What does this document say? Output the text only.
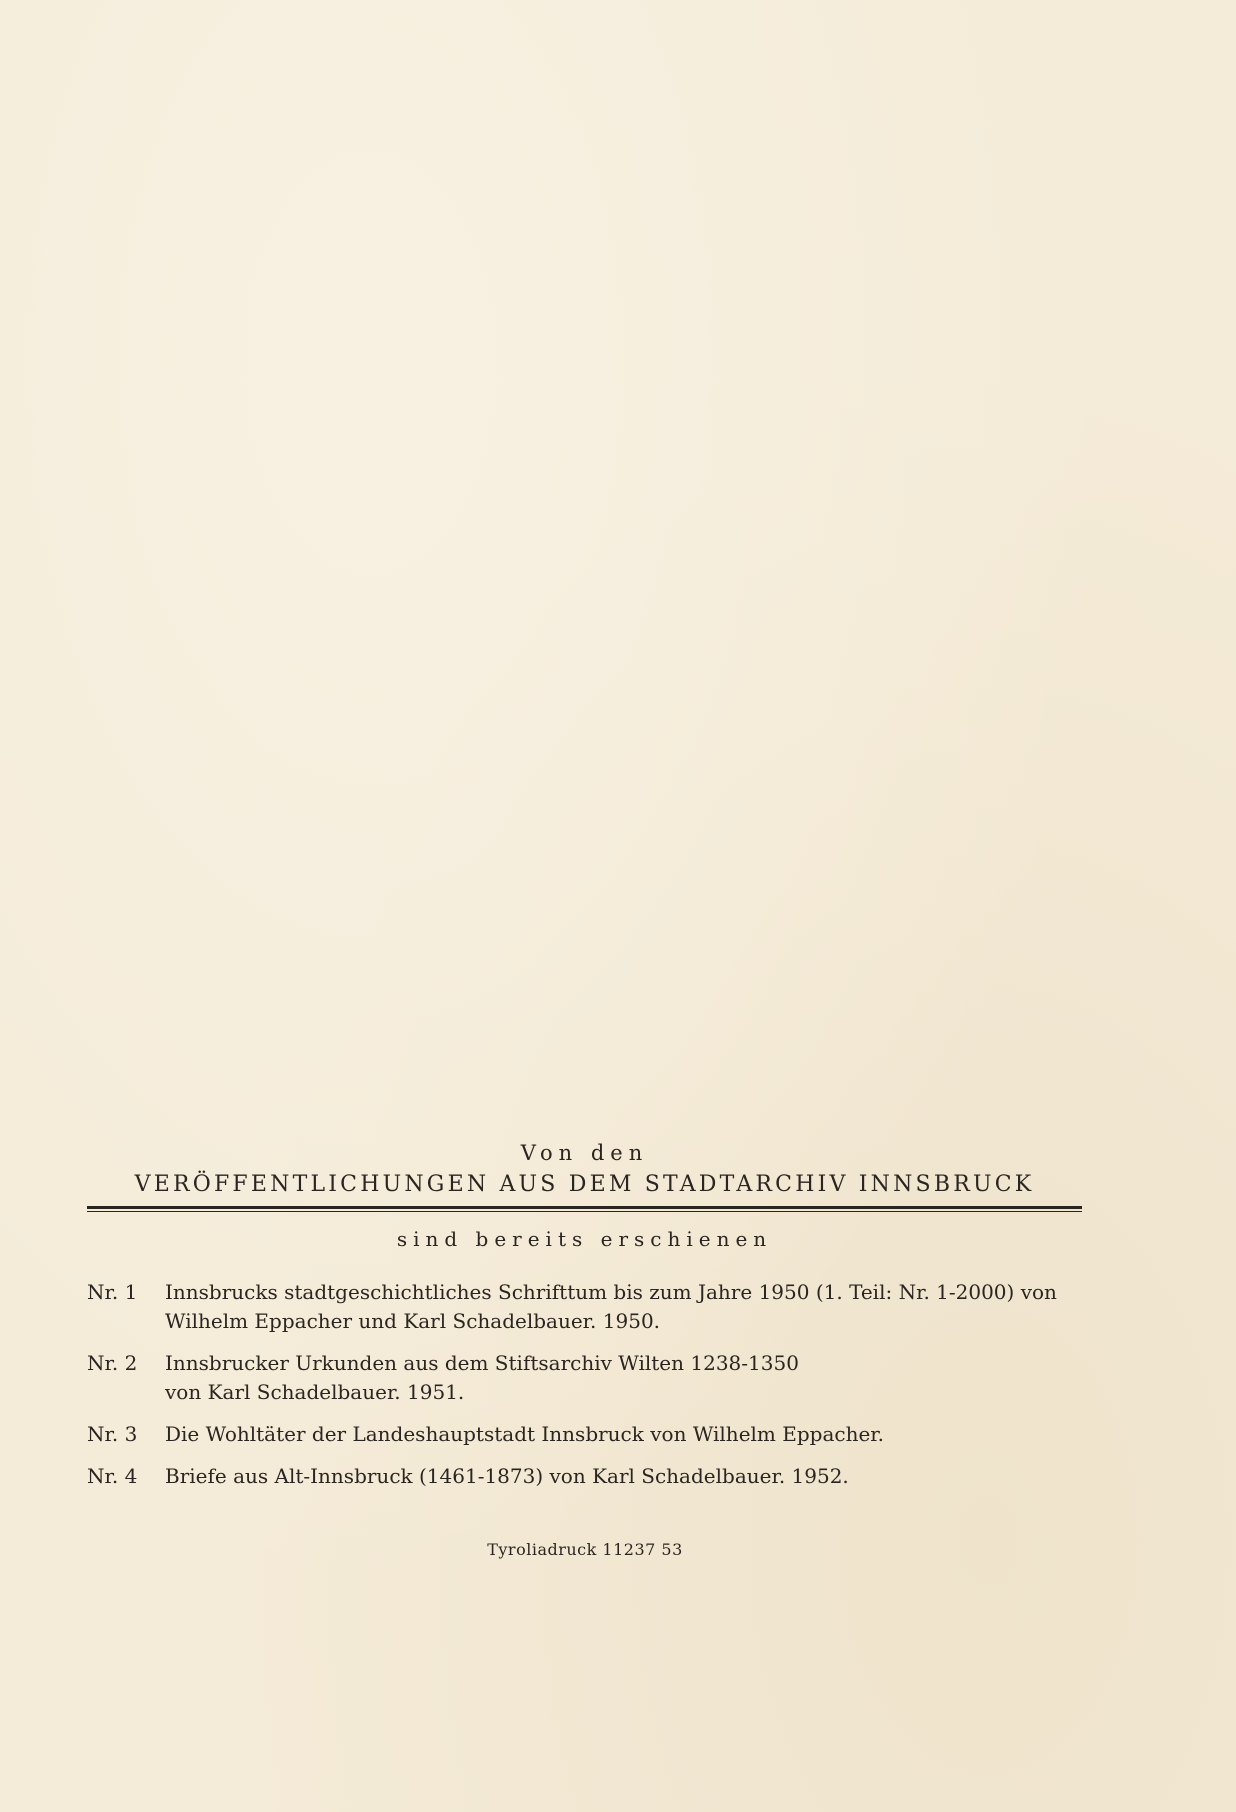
Von den

VERÖFFENTLICHUNGEN AUS DEM STADTARCHIV INNSBRUCK

sind bereits erschienen

Nr. 1	Innsbrucks stadtgeschichtliches Schrifttum bis zum Jahre 1950 (1. Teil: Nr. 1-2000) von Wilhelm Eppacher und Karl Schadelbauer. 1950.
Nr. 2	Innsbrucker Urkunden aus dem Stiftsarchiv Wilten 1238-1350 von Karl Schadelbauer. 1951.
Nr. 3	Die Wohltäter der Landeshauptstadt Innsbruck von Wilhelm Eppacher.
Nr. 4	Briefe aus Alt-Innsbruck (1461-1873) von Karl Schadelbauer. 1952.
Tyroliadruck 11237 53
